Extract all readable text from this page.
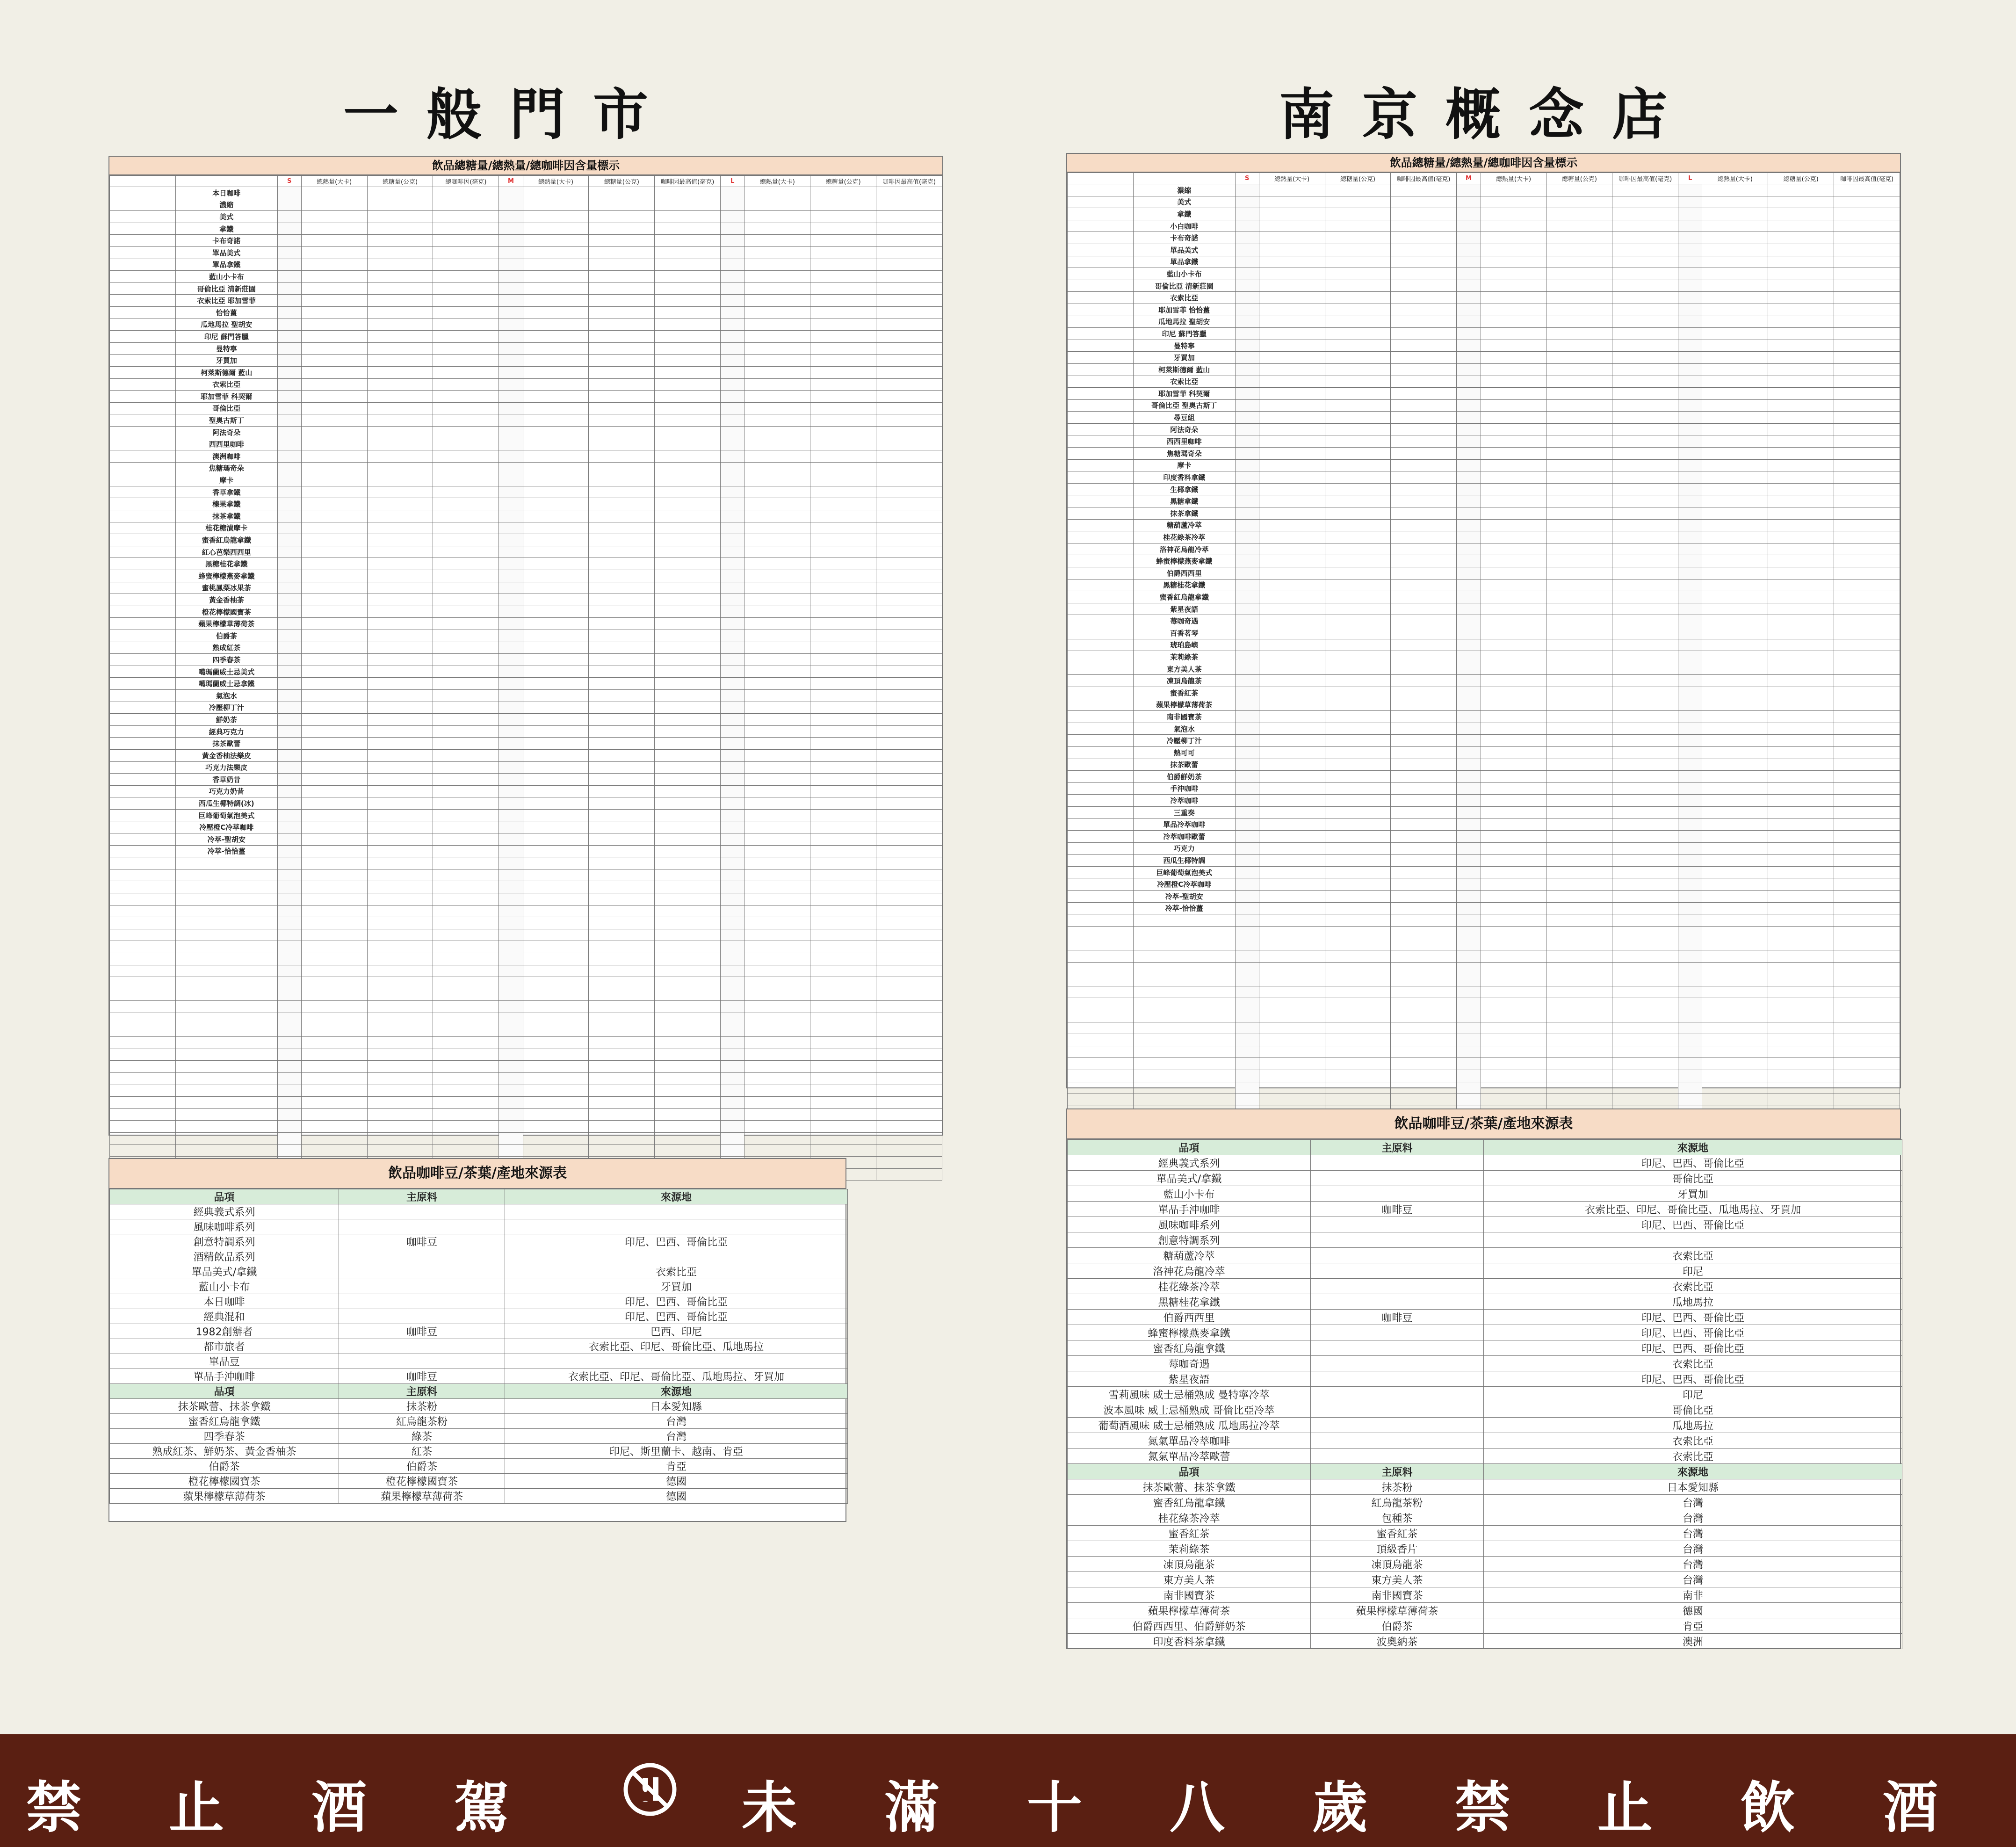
一般門市	南京概念店
飲品總糖量/總熱量/總咖啡因含量標示
		S	總熱量(大卡)	總糖量(公克)	總咖啡因(毫克)	M	總熱量(大卡)	總糖量(公克)	咖啡因最高值(毫克)	L	總熱量(大卡)	總糖量(公克)	咖啡因最高值(毫克)
	本日咖啡												
	濃縮												
	美式												
	拿鐵												
	卡布奇諾												
	單品美式												
	單品拿鐵												
	藍山小卡布												
	哥倫比亞 清新莊園												
	衣索比亞 耶加雪菲												
	恰恰薑												
	瓜地馬拉 聖胡安												
	印尼 蘇門答臘												
	曼特寧												
	牙買加												
	柯萊斯德爾 藍山												
	衣索比亞												
	耶加雪菲 科契爾												
	哥倫比亞												
	聖奧古斯丁												
	阿法奇朵												
	西西里咖啡												
	澳洲咖啡												
	焦糖瑪奇朵												
	摩卡												
	香草拿鐵												
	榛果拿鐵												
	抹茶拿鐵												
	桂花糖漬摩卡												
	蜜香紅烏龍拿鐵												
	紅心芭樂西西里												
	黑糖桂花拿鐵												
	蜂蜜檸檬燕麥拿鐵												
	蜜桃鳳梨冰果茶												
	黃金香柚茶												
	橙花檸檬國寶茶												
	蘋果檸檬草薄荷茶												
	伯爵茶												
	熟成紅茶												
	四季春茶												
	噶瑪蘭威士忌美式												
	噶瑪蘭威士忌拿鐵												
	氣泡水												
	冷壓柳丁汁												
	鮮奶茶												
	經典巧克力												
	抹茶歐蕾												
	黃金香柚法樂皮												
	巧克力法樂皮												
	香草奶昔												
	巧克力奶昔												
	西瓜生椰特調(冰)												
	巨峰葡萄氣泡美式												
	冷壓橙C冷萃咖啡												
	冷萃-聖胡安												
	冷萃-恰恰薑												

飲品總糖量/總熱量/總咖啡因含量標示
		S	總熱量(大卡)	總糖量(公克)	咖啡因最高值(毫克)	M	總熱量(大卡)	總糖量(公克)	咖啡因最高值(毫克)	L	總熱量(大卡)	總糖量(公克)	咖啡因最高值(毫克)
	濃縮												
	美式												
	拿鐵												
	小白咖啡												
	卡布奇諾												
	單品美式												
	單品拿鐵												
	藍山小卡布												
	哥倫比亞 清新莊園												
	衣索比亞												
	耶加雪菲 恰恰薑												
	瓜地馬拉 聖胡安												
	印尼 蘇門答臘												
	曼特寧												
	牙買加												
	柯萊斯德爾 藍山												
	衣索比亞												
	耶加雪菲 科契爾												
	哥倫比亞 聖奧古斯丁												
	尋豆組												
	阿法奇朵												
	西西里咖啡												
	焦糖瑪奇朵												
	摩卡												
	印度香料拿鐵												
	生椰拿鐵												
	黑糖拿鐵												
	抹茶拿鐵												
	糖葫蘆冷萃												
	桂花綠茶冷萃												
	洛神花烏龍冷萃												
	蜂蜜檸檬燕麥拿鐵												
	伯爵西西里												
	黑糖桂花拿鐵												
	蜜香紅烏龍拿鐵												
	紫星夜語												
	莓咖奇遇												
	百香茗琴												
	琥珀島嶼												
	茉莉綠茶												
	東方美人茶												
	凍頂烏龍茶												
	蜜香紅茶												
	蘋果檸檬草薄荷茶												
	南非國寶茶												
	氣泡水												
	冷壓柳丁汁												
	熱可可												
	抹茶歐蕾												
	伯爵鮮奶茶												
	手沖咖啡												
	冷萃咖啡												
	三重奏												
	單品冷萃咖啡												
	冷萃咖啡歐蕾												
	巧克力												
	西瓜生椰特調												
	巨峰葡萄氣泡美式												
	冷壓橙C冷萃咖啡												
	冷萃-聖胡安												
	冷萃-恰恰薑												

飲品咖啡豆/茶葉/產地來源表
品項	主原料	來源地
經典義式系列		
風味咖啡系列		
創意特調系列	咖啡豆	印尼、巴西、哥倫比亞
酒精飲品系列		
單品美式/拿鐵		衣索比亞
藍山小卡布		牙買加
本日咖啡		印尼、巴西、哥倫比亞
經典混和		印尼、巴西、哥倫比亞
1982創辦者	咖啡豆	巴西、印尼
都市旅者		衣索比亞、印尼、哥倫比亞、瓜地馬拉
單品豆		
單品手沖咖啡	咖啡豆	衣索比亞、印尼、哥倫比亞、瓜地馬拉、牙買加
品項	主原料	來源地
抹茶歐蕾、抹茶拿鐵	抹茶粉	日本愛知縣
蜜香紅烏龍拿鐵	紅烏龍茶粉	台灣
四季春茶	綠茶	台灣
熟成紅茶、鮮奶茶、黃金香柚茶	紅茶	印尼、斯里蘭卡、越南、肯亞
伯爵茶	伯爵茶	肯亞
橙花檸檬國寶茶	橙花檸檬國寶茶	德國
蘋果檸檬草薄荷茶	蘋果檸檬草薄荷茶	德國
飲品咖啡豆/茶葉/產地來源表
品項	主原料	來源地
經典義式系列		印尼、巴西、哥倫比亞
單品美式/拿鐵		哥倫比亞
藍山小卡布		牙買加
單品手沖咖啡	咖啡豆	衣索比亞、印尼、哥倫比亞、瓜地馬拉、牙買加
風味咖啡系列		印尼、巴西、哥倫比亞
創意特調系列		
糖葫蘆冷萃		衣索比亞
洛神花烏龍冷萃		印尼
桂花綠茶冷萃		衣索比亞
黑糖桂花拿鐵		瓜地馬拉
伯爵西西里	咖啡豆	印尼、巴西、哥倫比亞
蜂蜜檸檬燕麥拿鐵		印尼、巴西、哥倫比亞
蜜香紅烏龍拿鐵		印尼、巴西、哥倫比亞
莓咖奇遇		衣索比亞
紫星夜語		印尼、巴西、哥倫比亞
雪莉風味 威士忌桶熟成 曼特寧冷萃		印尼
波本風味 威士忌桶熟成 哥倫比亞冷萃		哥倫比亞
葡萄酒風味 威士忌桶熟成 瓜地馬拉冷萃		瓜地馬拉
氮氣單品冷萃咖啡		衣索比亞
氮氣單品冷萃歐蕾		衣索比亞
品項	主原料	來源地
抹茶歐蕾、抹茶拿鐵	抹茶粉	日本愛知縣
蜜香紅烏龍拿鐵	紅烏龍茶粉	台灣
桂花綠茶冷萃	包種茶	台灣
蜜香紅茶	蜜香紅茶	台灣
茉莉綠茶	頂級香片	台灣
凍頂烏龍茶	凍頂烏龍茶	台灣
東方美人茶	東方美人茶	台灣
南非國寶茶	南非國寶茶	南非
蘋果檸檬草薄荷茶	蘋果檸檬草薄荷茶	德國
伯爵西西里、伯爵鮮奶茶	伯爵茶	肯亞
印度香料茶拿鐵	波奧納茶	澳洲
禁 止 酒 駕	未 滿 十 八 歲 禁 止 飲 酒
